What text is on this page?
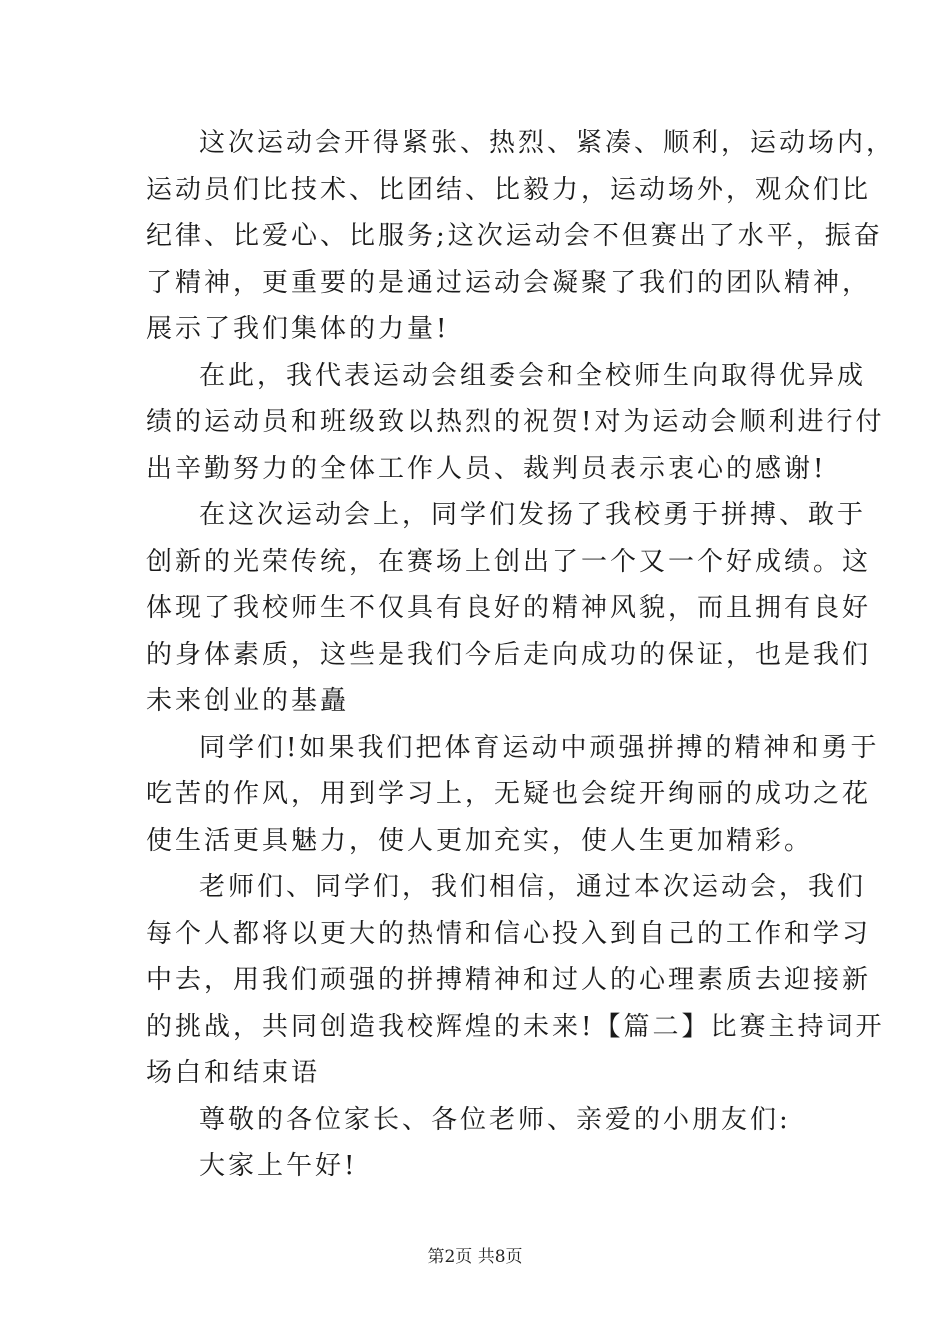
这次运动会开得紧张、热烈、紧凑、顺利，运动场内，
运动员们比技术、比团结、比毅力，运动场外，观众们比
纪律、比爱心、比服务;这次运动会不但赛出了水平，振奋
了精神，更重要的是通过运动会凝聚了我们的团队精神，
展示了我们集体的力量!
在此，我代表运动会组委会和全校师生向取得优异成
绩的运动员和班级致以热烈的祝贺!对为运动会顺利进行付
出辛勤努力的全体工作人员、裁判员表示衷心的感谢!
在这次运动会上，同学们发扬了我校勇于拼搏、敢于
创新的光荣传统，在赛场上创出了一个又一个好成绩。这
体现了我校师生不仅具有良好的精神风貌，而且拥有良好
的身体素质，这些是我们今后走向成功的保证，也是我们
未来创业的基矗
同学们!如果我们把体育运动中顽强拼搏的精神和勇于
吃苦的作风，用到学习上，无疑也会绽开绚丽的成功之花
使生活更具魅力，使人更加充实，使人生更加精彩。
老师们、同学们，我们相信，通过本次运动会，我们
每个人都将以更大的热情和信心投入到自己的工作和学习
中去，用我们顽强的拼搏精神和过人的心理素质去迎接新
的挑战，共同创造我校辉煌的未来!【篇二】比赛主持词开
场白和结束语
尊敬的各位家长、各位老师、亲爱的小朋友们:
大家上午好!
第2页 共8页
